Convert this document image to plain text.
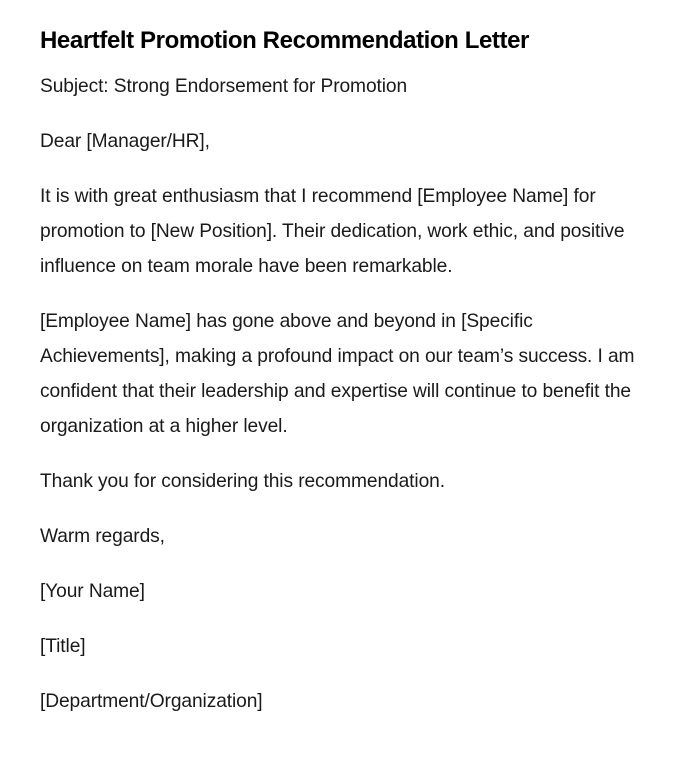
Heartfelt Promotion Recommendation Letter

Subject: Strong Endorsement for Promotion

Dear [Manager/HR],

It is with great enthusiasm that I recommend [Employee Name] for promotion to [New Position]. Their dedication, work ethic, and positive influence on team morale have been remarkable.

[Employee Name] has gone above and beyond in [Specific Achievements], making a profound impact on our team’s success. I am confident that their leadership and expertise will continue to benefit the organization at a higher level.

Thank you for considering this recommendation.

Warm regards,

[Your Name]

[Title]

[Department/Organization]
